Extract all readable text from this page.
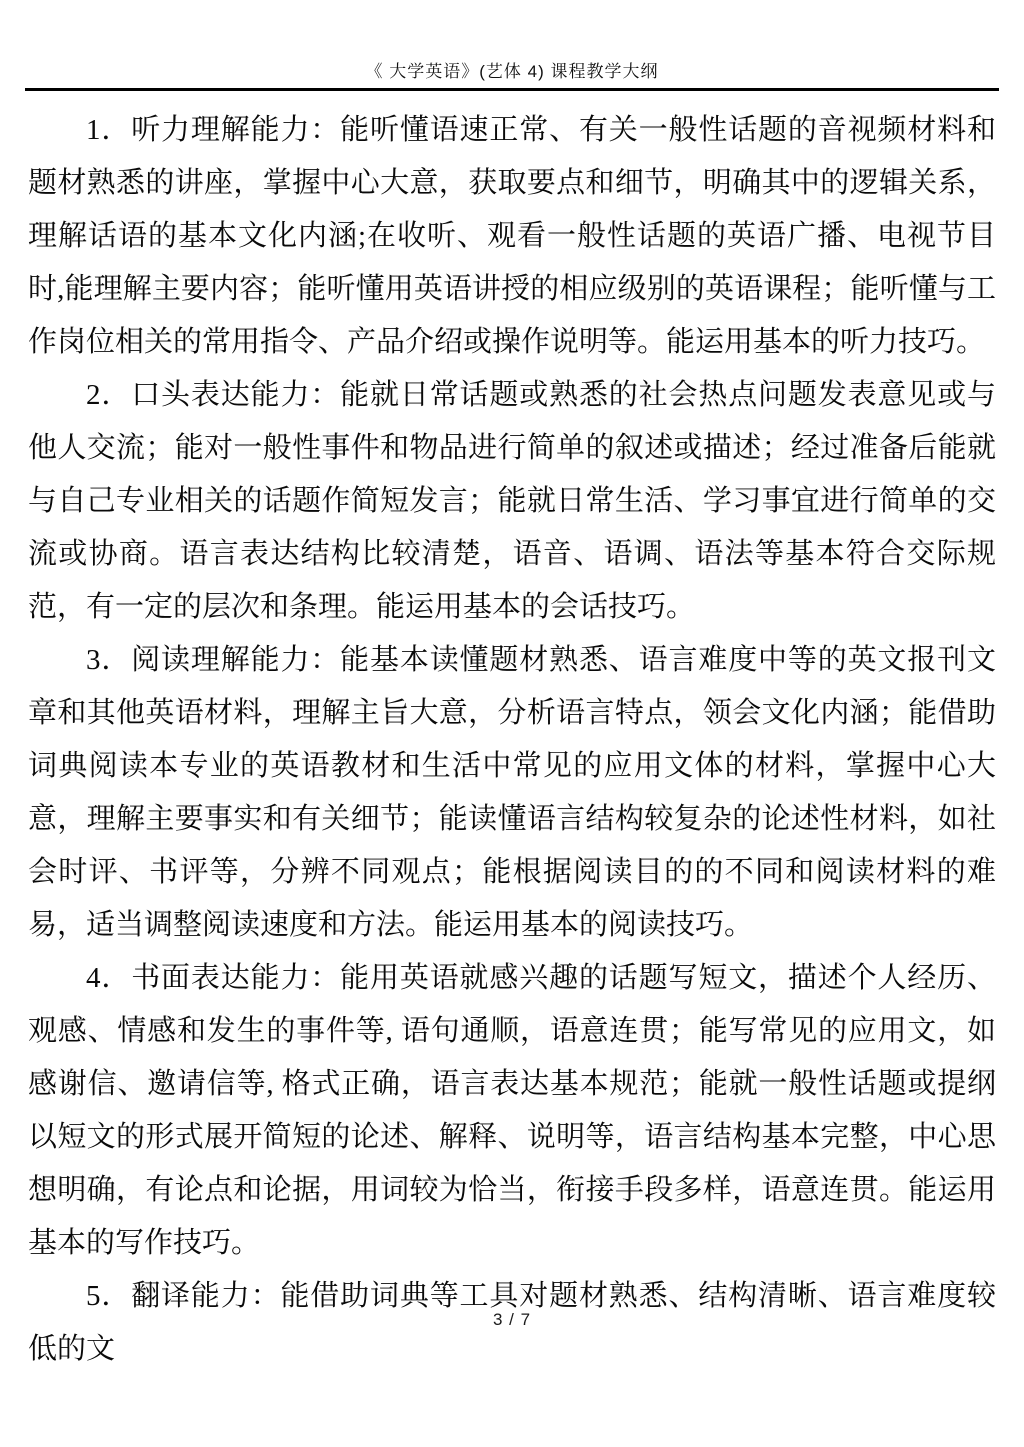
《 大学英语》(艺体 4) 课程教学大纲

1．听力理解能力：能听懂语速正常、有关一般性话题的音视频材料和题材熟悉的讲座，掌握中心大意，获取要点和细节，明确其中的逻辑关系，理解话语的基本文化内涵;在收听、观看一般性话题的英语广播、电视节目时,能理解主要内容；能听懂用英语讲授的相应级别的英语课程；能听懂与工作岗位相关的常用指令、产品介绍或操作说明等。能运用基本的听力技巧。

2．口头表达能力：能就日常话题或熟悉的社会热点问题发表意见或与他人交流；能对一般性事件和物品进行简单的叙述或描述；经过准备后能就与自己专业相关的话题作简短发言；能就日常生活、学习事宜进行简单的交流或协商。语言表达结构比较清楚，语音、语调、语法等基本符合交际规范，有一定的层次和条理。能运用基本的会话技巧。

3．阅读理解能力：能基本读懂题材熟悉、语言难度中等的英文报刊文章和其他英语材料，理解主旨大意，分析语言特点，领会文化内涵；能借助词典阅读本专业的英语教材和生活中常见的应用文体的材料，掌握中心大意，理解主要事实和有关细节；能读懂语言结构较复杂的论述性材料，如社会时评、书评等，分辨不同观点；能根据阅读目的的不同和阅读材料的难易，适当调整阅读速度和方法。能运用基本的阅读技巧。

4．书面表达能力：能用英语就感兴趣的话题写短文，描述个人经历、观感、情感和发生的事件等, 语句通顺，语意连贯；能写常见的应用文，如感谢信、邀请信等, 格式正确，语言表达基本规范；能就一般性话题或提纲以短文的形式展开简短的论述、解释、说明等，语言结构基本完整，中心思想明确，有论点和论据，用词较为恰当，衔接手段多样，语意连贯。能运用基本的写作技巧。

5．翻译能力：能借助词典等工具对题材熟悉、结构清晰、语言难度较低的文

3 / 7
